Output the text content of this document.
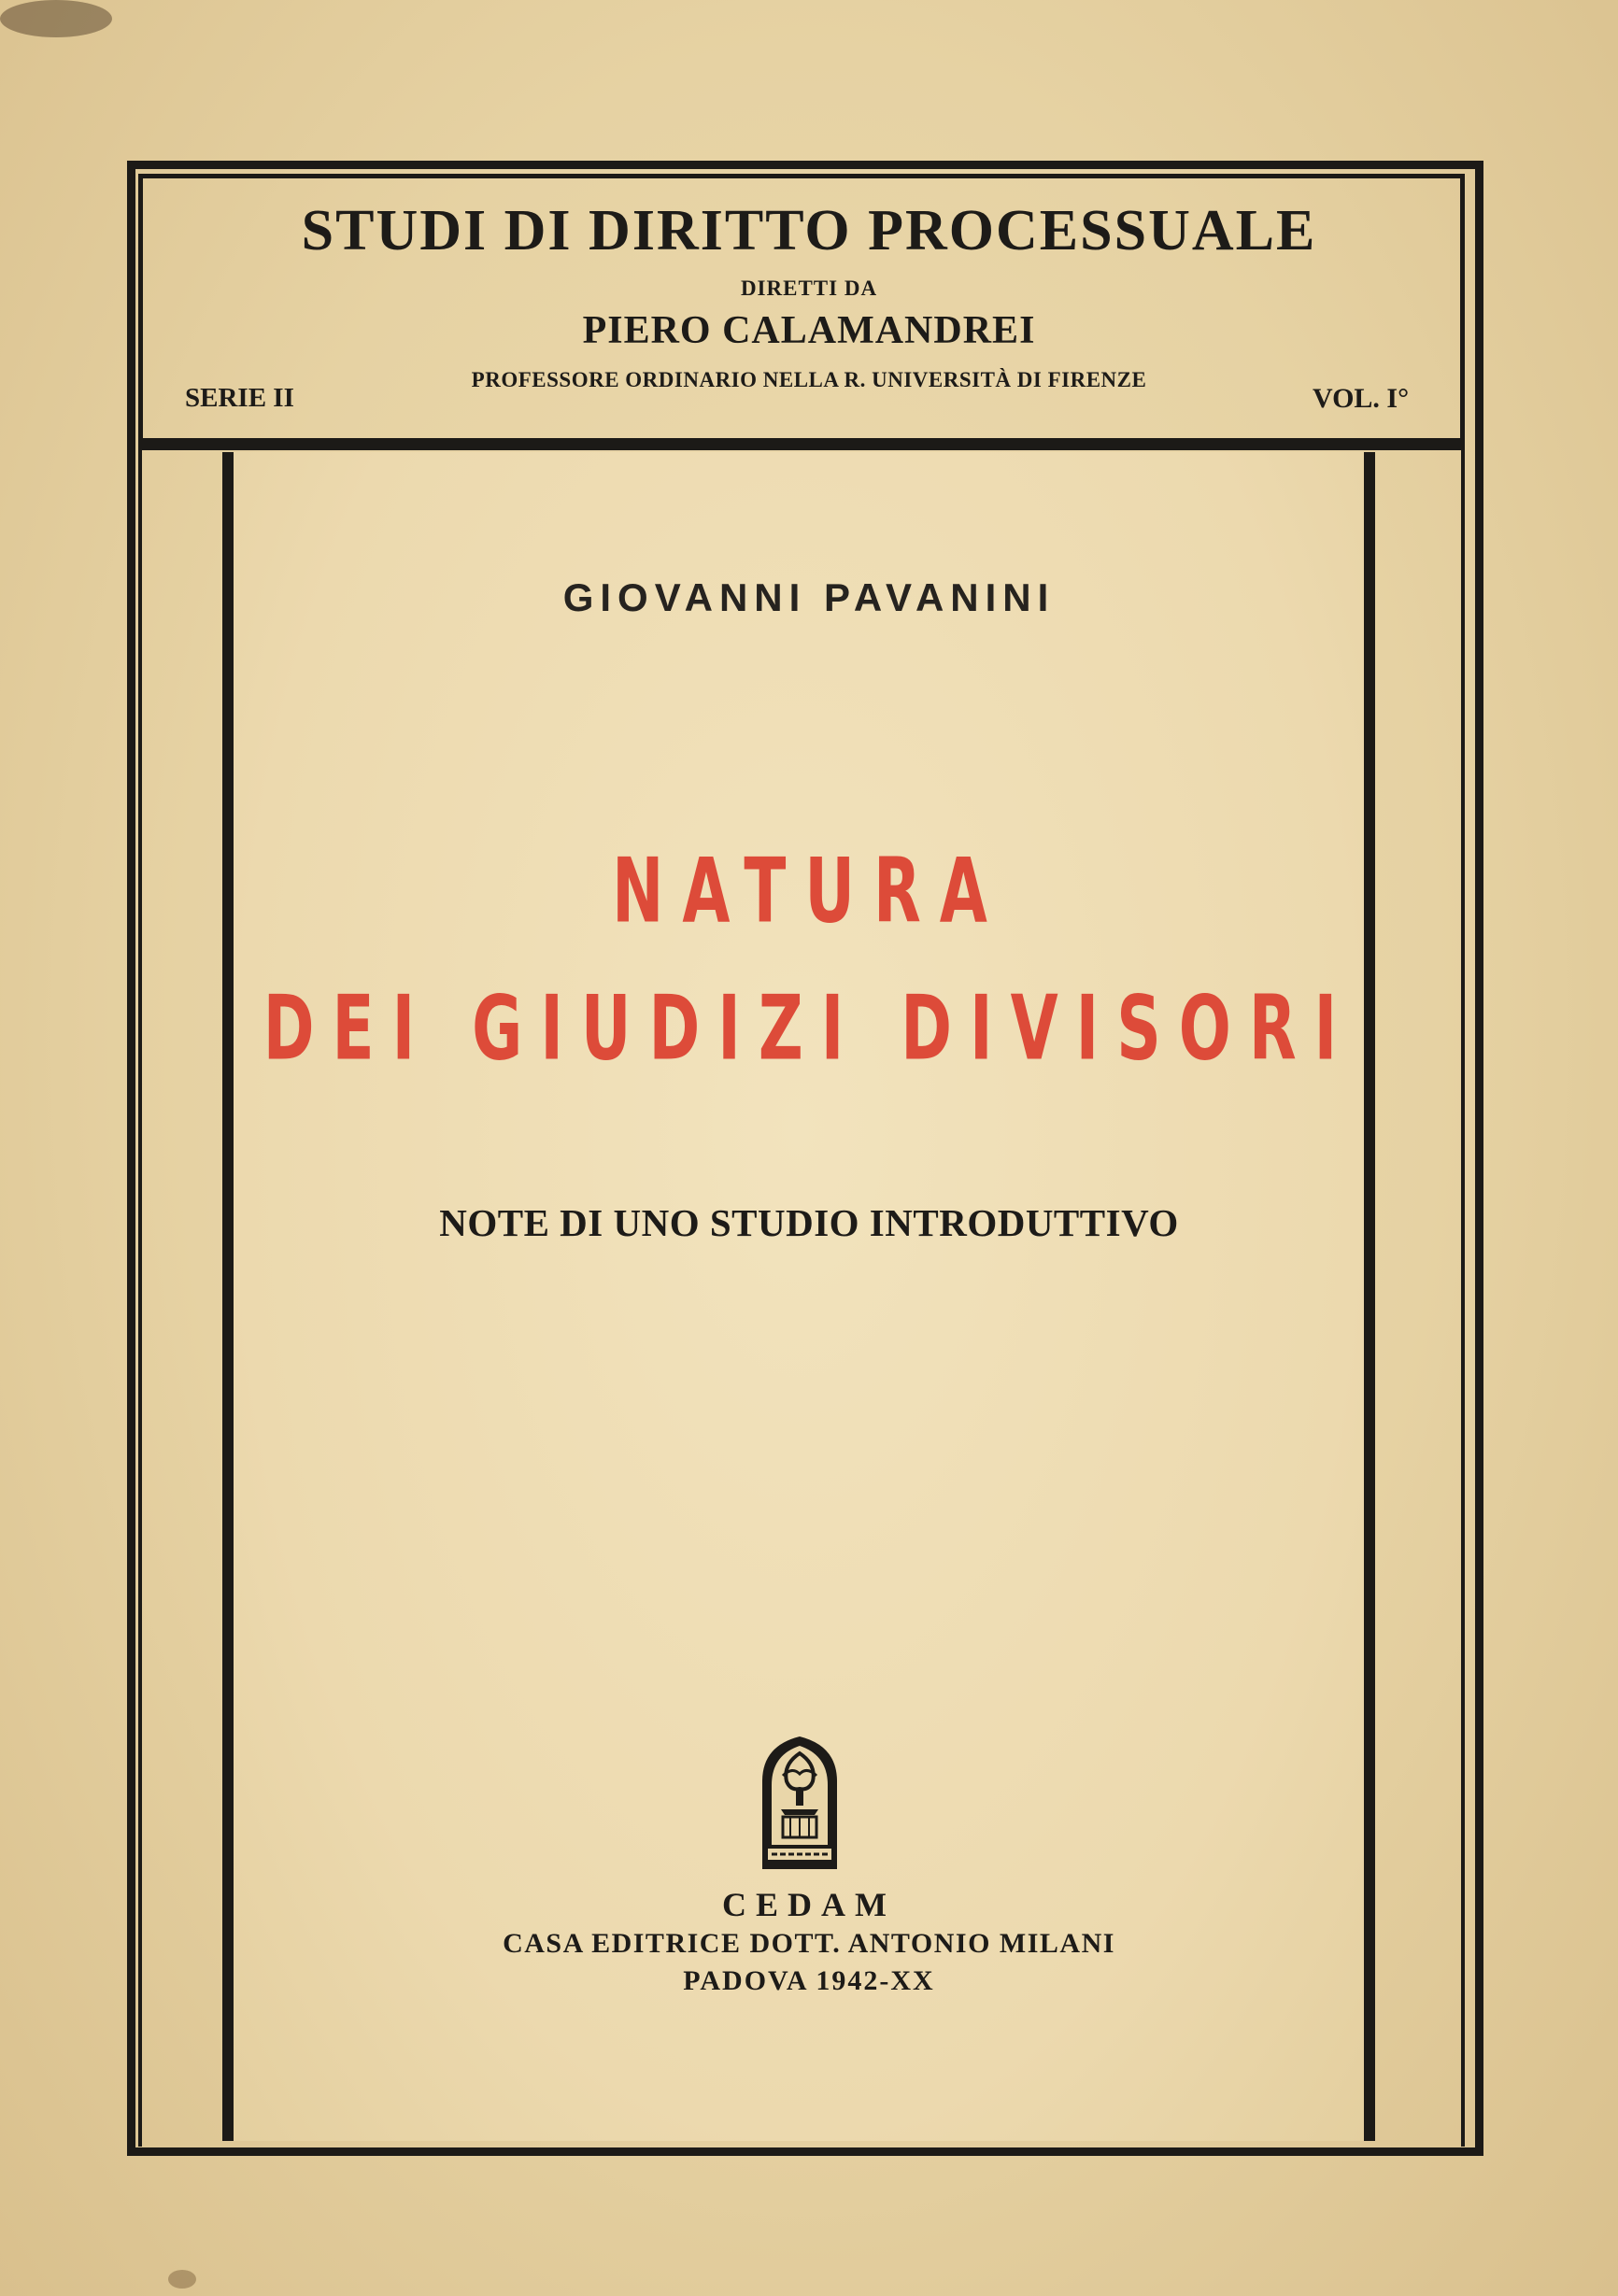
STUDI DI DIRITTO PROCESSUALE
DIRETTI DA
PIERO CALAMANDREI
PROFESSORE ORDINARIO NELLA R. UNIVERSITÀ DI FIRENZE
SERIE II	VOL. I°
GIOVANNI PAVANINI
NATURA
DEI GIUDIZI DIVISORI
NOTE DI UNO STUDIO INTRODUTTIVO
CEDAM
CASA EDITRICE DOTT. ANTONIO MILANI
PADOVA 1942-XX
